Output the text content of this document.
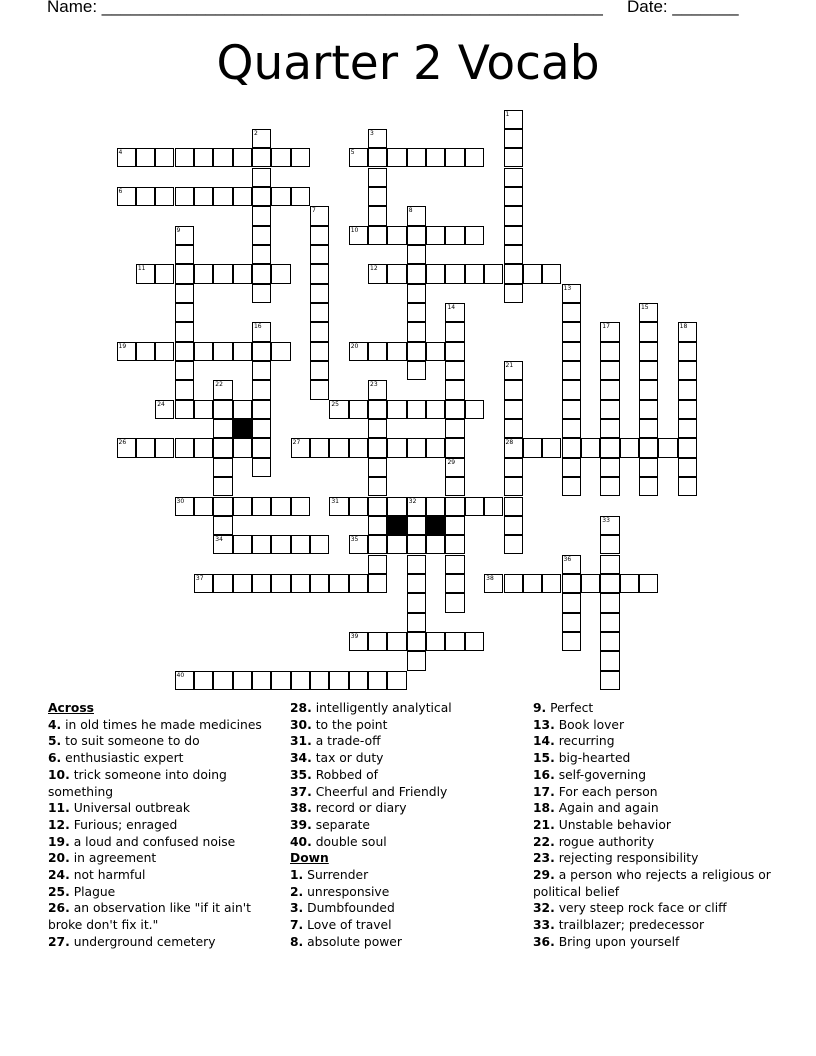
Name: _____________________________________________________ Date: _______
Quarter 2 Vocab
4	5
6
10
11	12
19	20
24	25
26	27	28
30	31	32
34	35
37	38
39
40
1
2	3
7	8
9
13
14	15
16	17	18
21
22	23
29
33
36
Across
4. in old times he made medicines
5. to suit someone to do
6. enthusiastic expert
10. trick someone into doing something
11. Universal outbreak
12. Furious; enraged
19. a loud and confused noise
20. in agreement
24. not harmful
25. Plague
26. an observation like "if it ain't broke don't fix it."
27. underground cemetery
28. intelligently analytical
30. to the point
31. a trade-off
34. tax or duty
35. Robbed of
37. Cheerful and Friendly
38. record or diary
39. separate
40. double soul
Down
1. Surrender
2. unresponsive
3. Dumbfounded
7. Love of travel
8. absolute power
9. Perfect
13. Book lover
14. recurring
15. big-hearted
16. self-governing
17. For each person
18. Again and again
21. Unstable behavior
22. rogue authority
23. rejecting responsibility
29. a person who rejects a religious or political belief
32. very steep rock face or cliff
33. trailblazer; predecessor
36. Bring upon yourself
